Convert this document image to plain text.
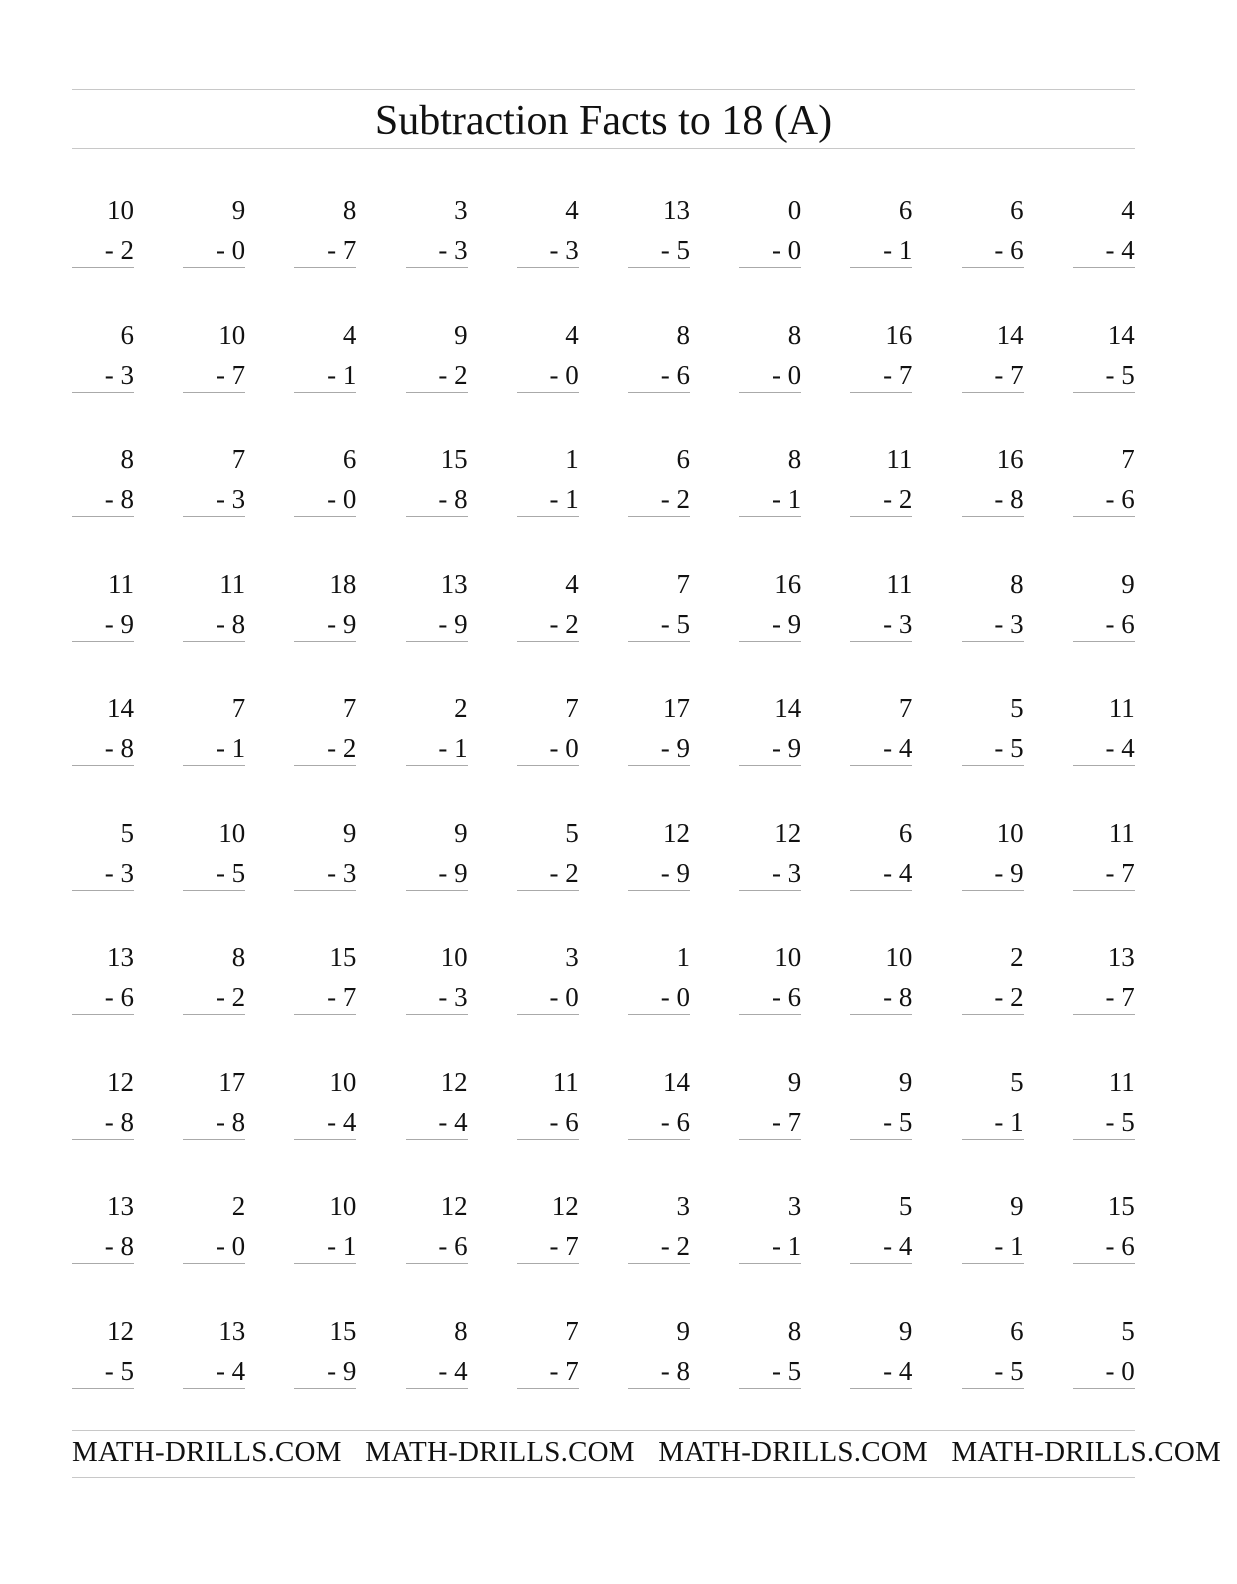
Subtraction Facts to 18 (A)
10
- 2
9
- 0
8
- 7
3
- 3
4
- 3
13
- 5
0
- 0
6
- 1
6
- 6
4
- 4
6
- 3
10
- 7
4
- 1
9
- 2
4
- 0
8
- 6
8
- 0
16
- 7
14
- 7
14
- 5
8
- 8
7
- 3
6
- 0
15
- 8
1
- 1
6
- 2
8
- 1
11
- 2
16
- 8
7
- 6
11
- 9
11
- 8
18
- 9
13
- 9
4
- 2
7
- 5
16
- 9
11
- 3
8
- 3
9
- 6
14
- 8
7
- 1
7
- 2
2
- 1
7
- 0
17
- 9
14
- 9
7
- 4
5
- 5
11
- 4
5
- 3
10
- 5
9
- 3
9
- 9
5
- 2
12
- 9
12
- 3
6
- 4
10
- 9
11
- 7
13
- 6
8
- 2
15
- 7
10
- 3
3
- 0
1
- 0
10
- 6
10
- 8
2
- 2
13
- 7
12
- 8
17
- 8
10
- 4
12
- 4
11
- 6
14
- 6
9
- 7
9
- 5
5
- 1
11
- 5
13
- 8
2
- 0
10
- 1
12
- 6
12
- 7
3
- 2
3
- 1
5
- 4
9
- 1
15
- 6
12
- 5
13
- 4
15
- 9
8
- 4
7
- 7
9
- 8
8
- 5
9
- 4
6
- 5
5
- 0
MATH-DRILLS.COM MATH-DRILLS.COM MATH-DRILLS.COM MATH-DRILLS.COM
